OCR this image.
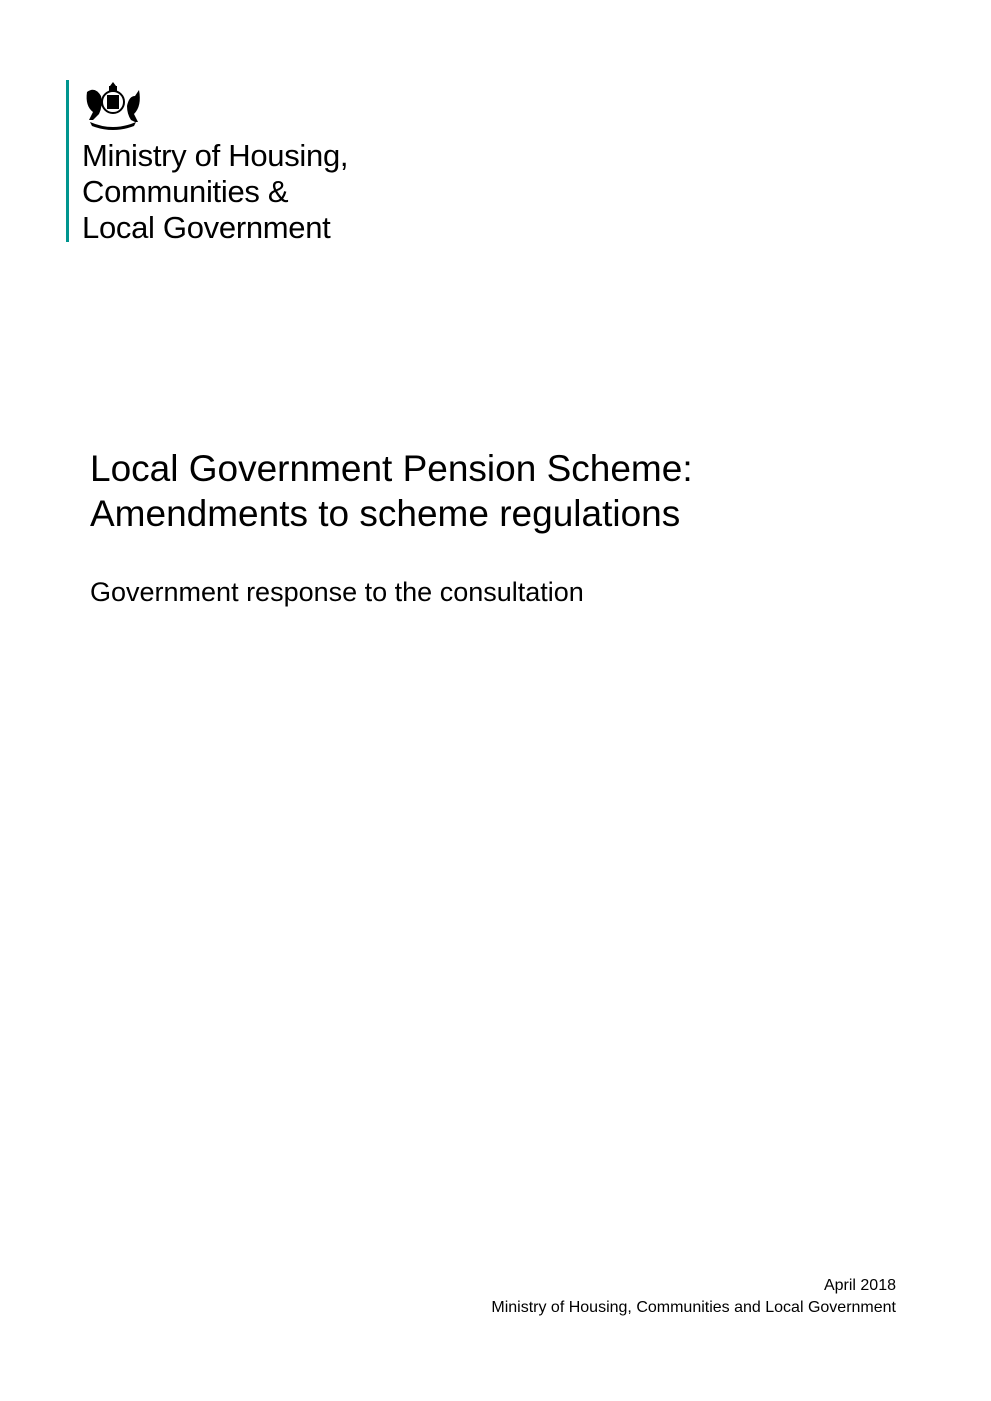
Ministry of Housing,
Communities &
Local Government
Local Government Pension Scheme:
Amendments to scheme regulations
Government response to the consultation
April 2018
Ministry of Housing, Communities and Local Government
